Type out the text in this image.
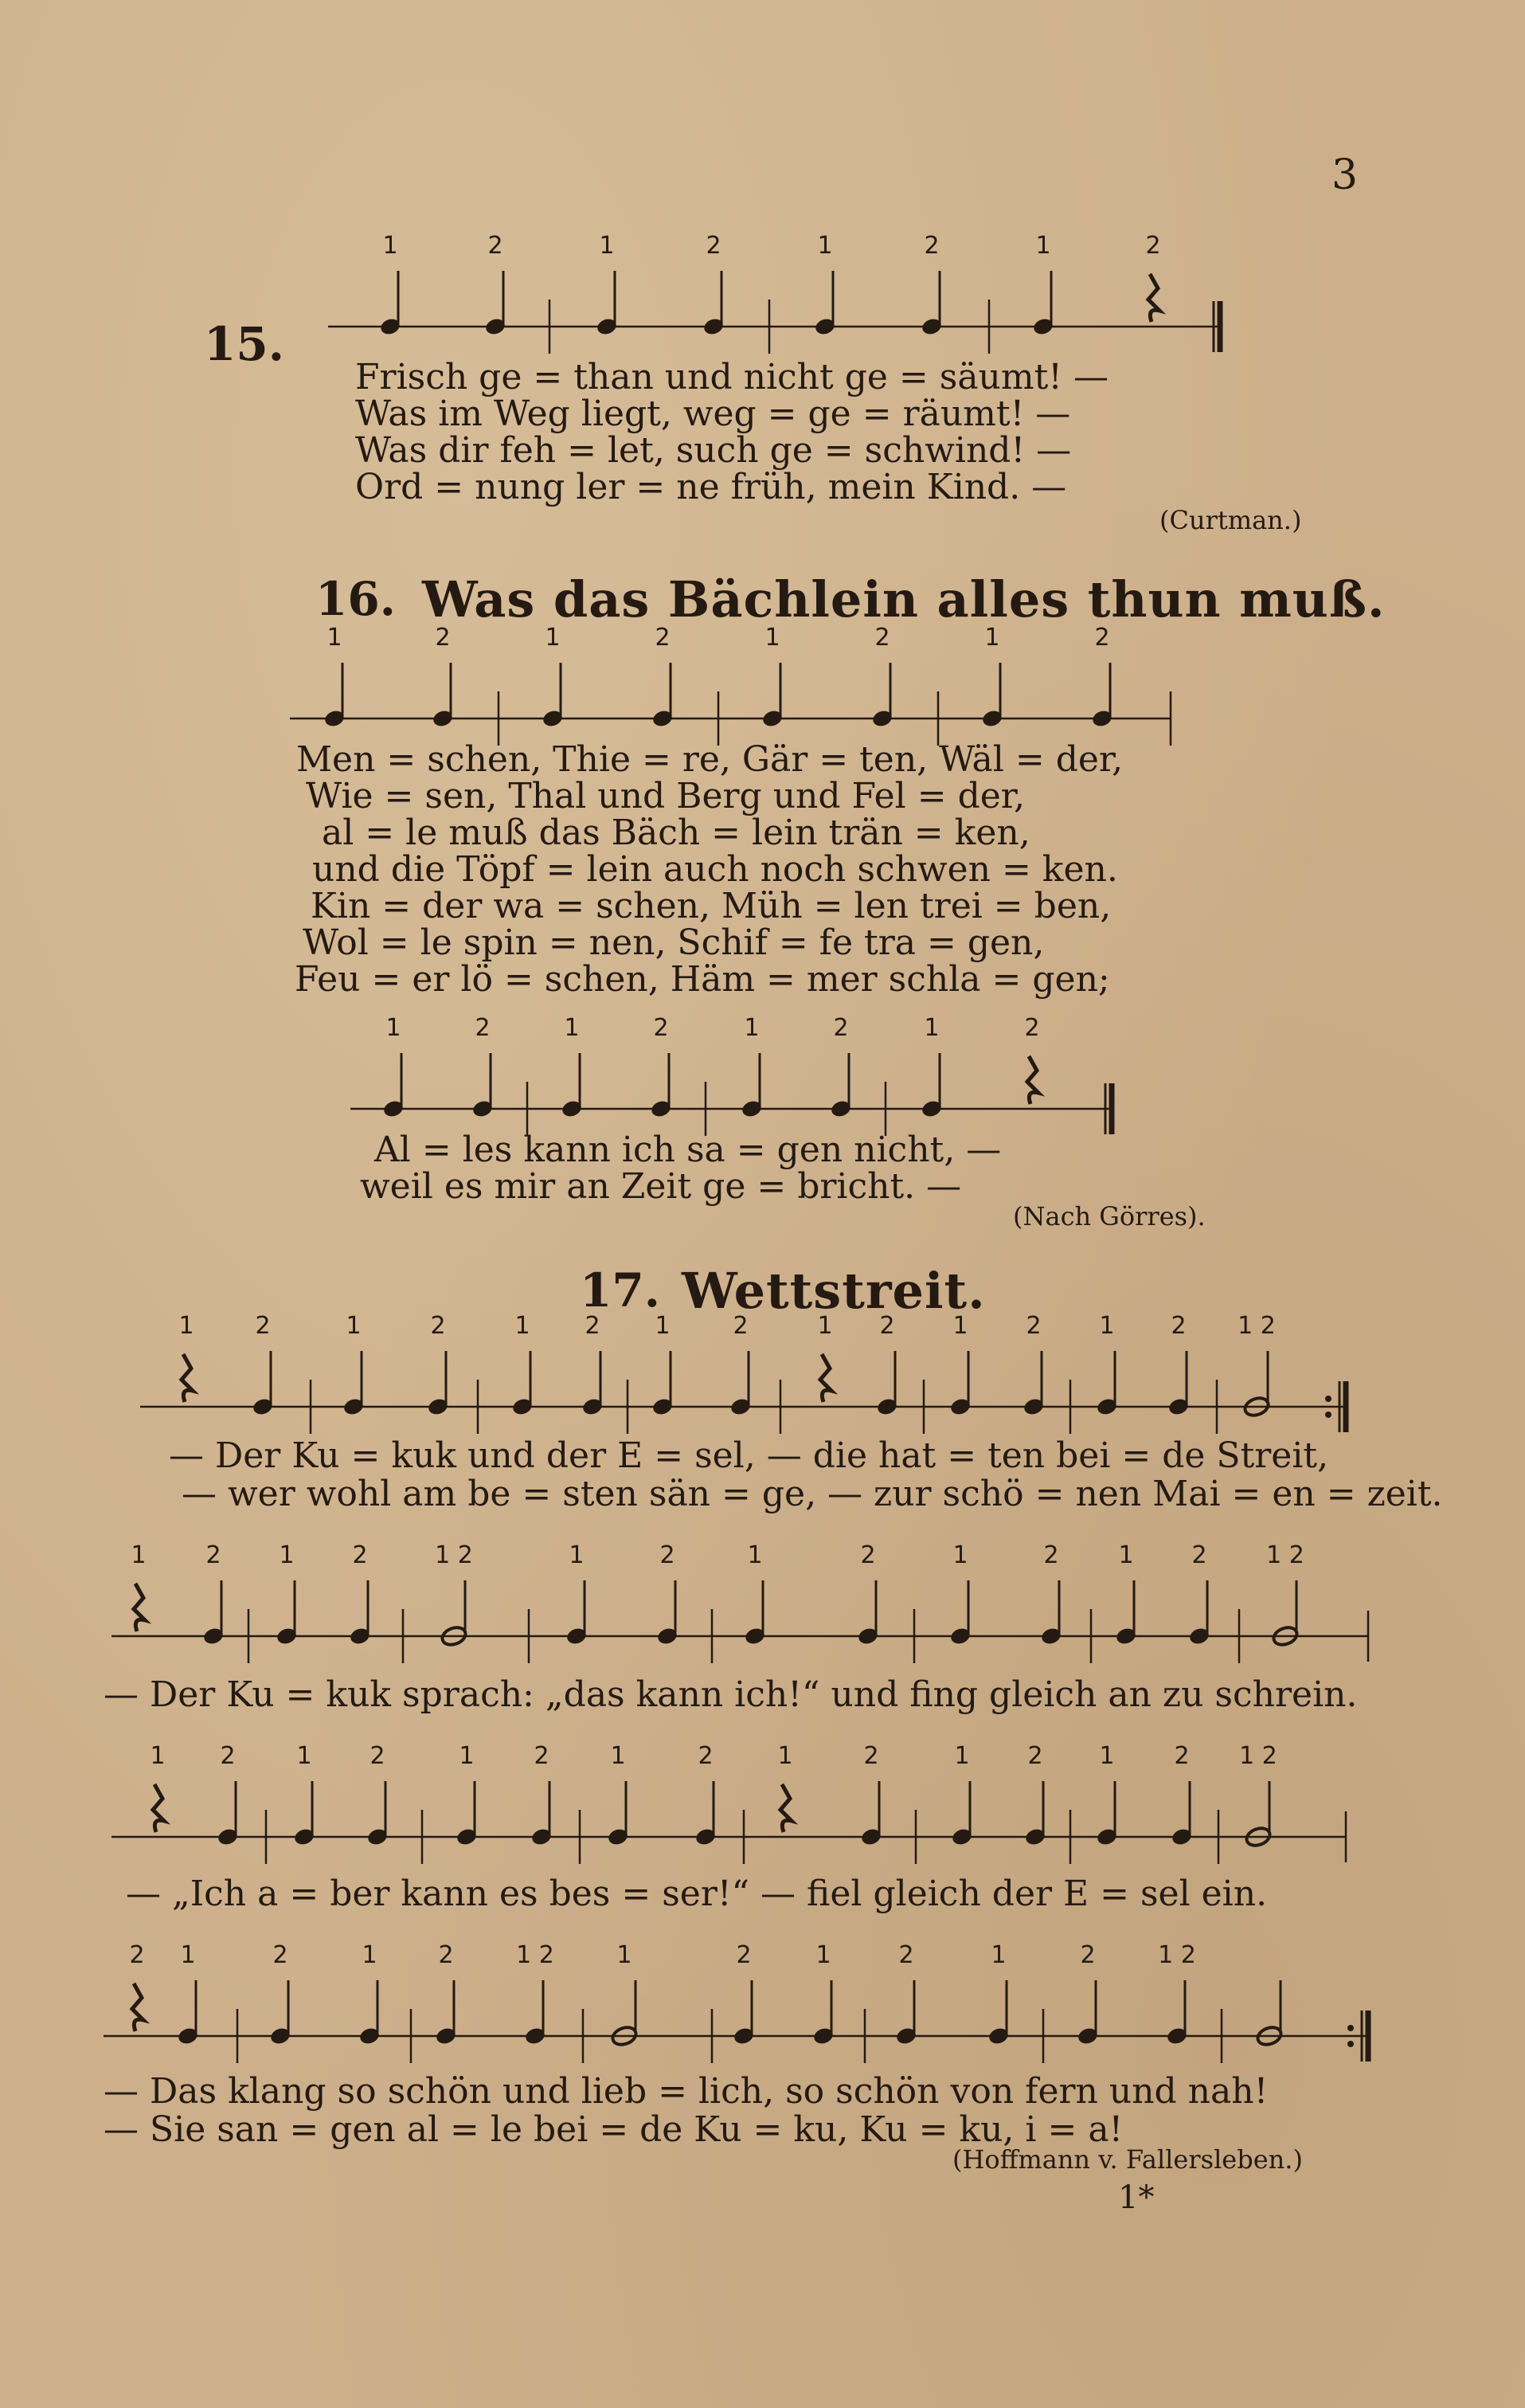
3
15.
Frisch ge = than und nicht ge = säumt! —
Was im Weg liegt, weg = ge = räumt! —
Was dir feh = let, such ge = schwind! —
Ord = nung ler = ne früh, mein Kind. —
(Curtman.)
16. Was das Bächlein alles thun muß.
Men = schen, Thie = re, Gär = ten, Wäl = der,
Wie = sen, Thal und Berg und Fel = der,
al = le muß das Bäch = lein trän = ken,
und die Töpf = lein auch noch schwen = ken.
Kin = der wa = schen, Müh = len trei = ben,
Wol = le spin = nen, Schif = fe tra = gen,
Feu = er lö = schen, Häm = mer schla = gen;
Al = les kann ich sa = gen nicht, —
weil es mir an Zeit ge = bricht. —
(Nach Görres).
17. Wettstreit.
— Der Ku = kuk und der E = sel, — die hat = ten bei = de Streit,
— wer wohl am be = sten sän = ge, — zur schö = nen Mai = en = zeit.
— Der Ku = kuk sprach: „das kann ich!“ und fing gleich an zu schrein.
— „Ich a = ber kann es bes = ser!“ — fiel gleich der E = sel ein.
— Das klang so schön und lieb = lich, so schön von fern und nah!
— Sie san = gen al = le bei = de Ku = ku, Ku = ku, i = a!
(Hoffmann v. Fallersleben.)
1*
1	2	1	2	1	2	1	2
1	2	1	2	1	2	1	2
1	2	1	2	1	2	1	2
1	2	1	2	1 2 1	2	1 2 1 2 1 2 1 2
1 2 1 2	1 2	1	2	1	2	1	2 1 2 1 2
1 2	1 2	1 2	1	2	1	2	1 2 1 2 1 2
2 1	2	1	2	1 2	1	2	1	2	1	2	1 2
